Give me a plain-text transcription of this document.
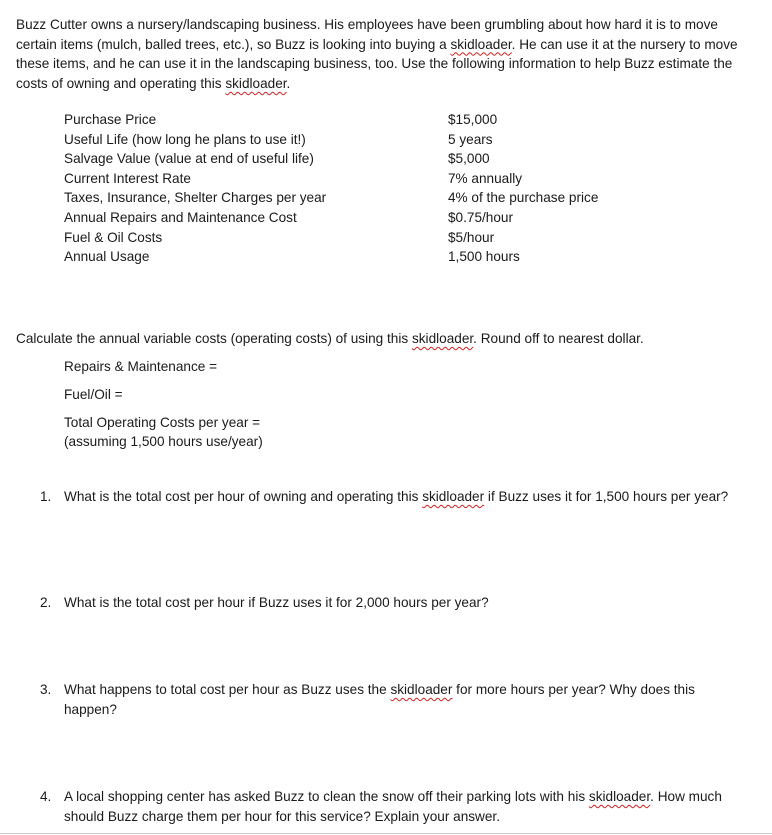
Buzz Cutter owns a nursery/landscaping business. His employees have been grumbling about how hard it is to move certain items (mulch, balled trees, etc.), so Buzz is looking into buying a skidloader. He can use it at the nursery to move these items, and he can use it in the landscaping business, too. Use the following information to help Buzz estimate the costs of owning and operating this skidloader.

Purchase Price	$15,000
Useful Life (how long he plans to use it!)	5 years
Salvage Value (value at end of useful life)	$5,000
Current Interest Rate	7% annually
Taxes, Insurance, Shelter Charges per year	4% of the purchase price
Annual Repairs and Maintenance Cost	$0.75/hour
Fuel & Oil Costs	$5/hour
Annual Usage	1,500 hours

Calculate the annual variable costs (operating costs) of using this skidloader. Round off to nearest dollar.

Repairs & Maintenance =

Fuel/Oil =

Total Operating Costs per year =

(assuming 1,500 hours use/year)

1. What is the total cost per hour of owning and operating this skidloader if Buzz uses it for 1,500 hours per year?
2. What is the total cost per hour if Buzz uses it for 2,000 hours per year?
3. What happens to total cost per hour as Buzz uses the skidloader for more hours per year? Why does this happen?
4. A local shopping center has asked Buzz to clean the snow off their parking lots with his skidloader. How much should Buzz charge them per hour for this service? Explain your answer.
